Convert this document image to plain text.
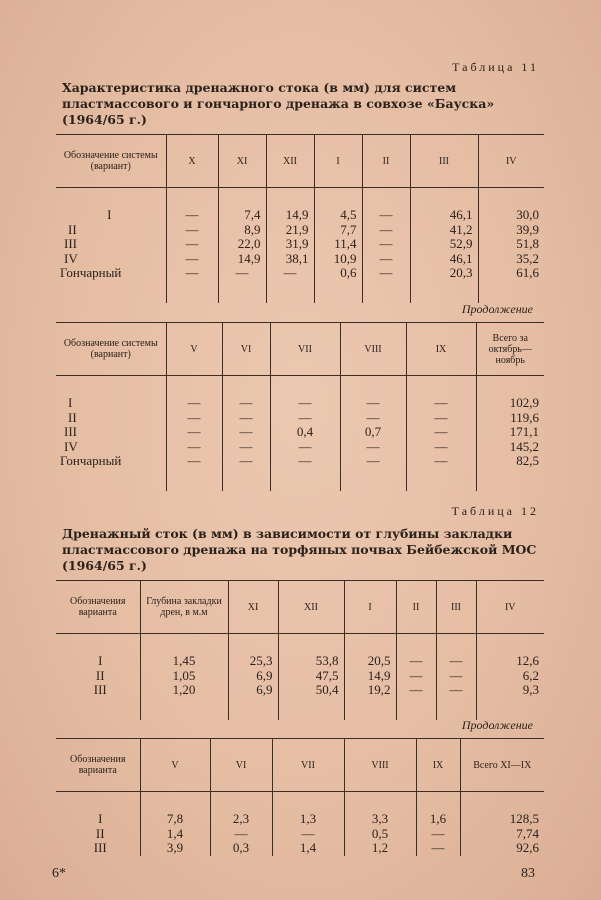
Таблица 11
Характеристика дренажного стока (в мм) для систем пластмассового и гончарного дренажа в совхозе «Бауска» (1964/65 г.)
Обозначение системы (вариант)	X	XI	XII	I	II	III	IV
I	—	7,4	14,9	4,5	—	46,1	30,0
II	—	8,9	21,9	7,7	—	41,2	39,9
III	—	22,0	31,9	11,4	—	52,9	51,8
IV	—	14,9	38,1	10,9	—	46,1	35,2
Гончарный	—	—	—	0,6	—	20,3	61,6
Продолжение
Обозначение системы (вариант)	V	VI	VII	VIII	IX	Всего за октябрь—ноябрь
I	—	—	—	—	—	102,9
II	—	—	—	—	—	119,6
III	—	—	0,4	0,7	—	171,1
IV	—	—	—	—	—	145,2
Гончарный	—	—	—	—	—	82,5
Таблица 12
Дренажный сток (в мм) в зависимости от глубины закладки пластмассового дренажа на торфяных почвах Бейбежской МОС (1964/65 г.)
Обозначения варианта	Глубина закладки дрен, в м.м	XI	XII	I	II	III	IV
I	1,45	25,3	53,8	20,5	—	—	12,6
II	1,05	6,9	47,5	14,9	—	—	6,2
III	1,20	6,9	50,4	19,2	—	—	9,3
Продолжение
Обозначения варианта	V	VI	VII	VIII	IX	Всего XI—IX
I	7,8	2,3	1,3	3,3	1,6	128,5
II	1,4	—	—	0,5	—	7,74
III	3,9	0,3	1,4	1,2	—	92,6
6*	83
